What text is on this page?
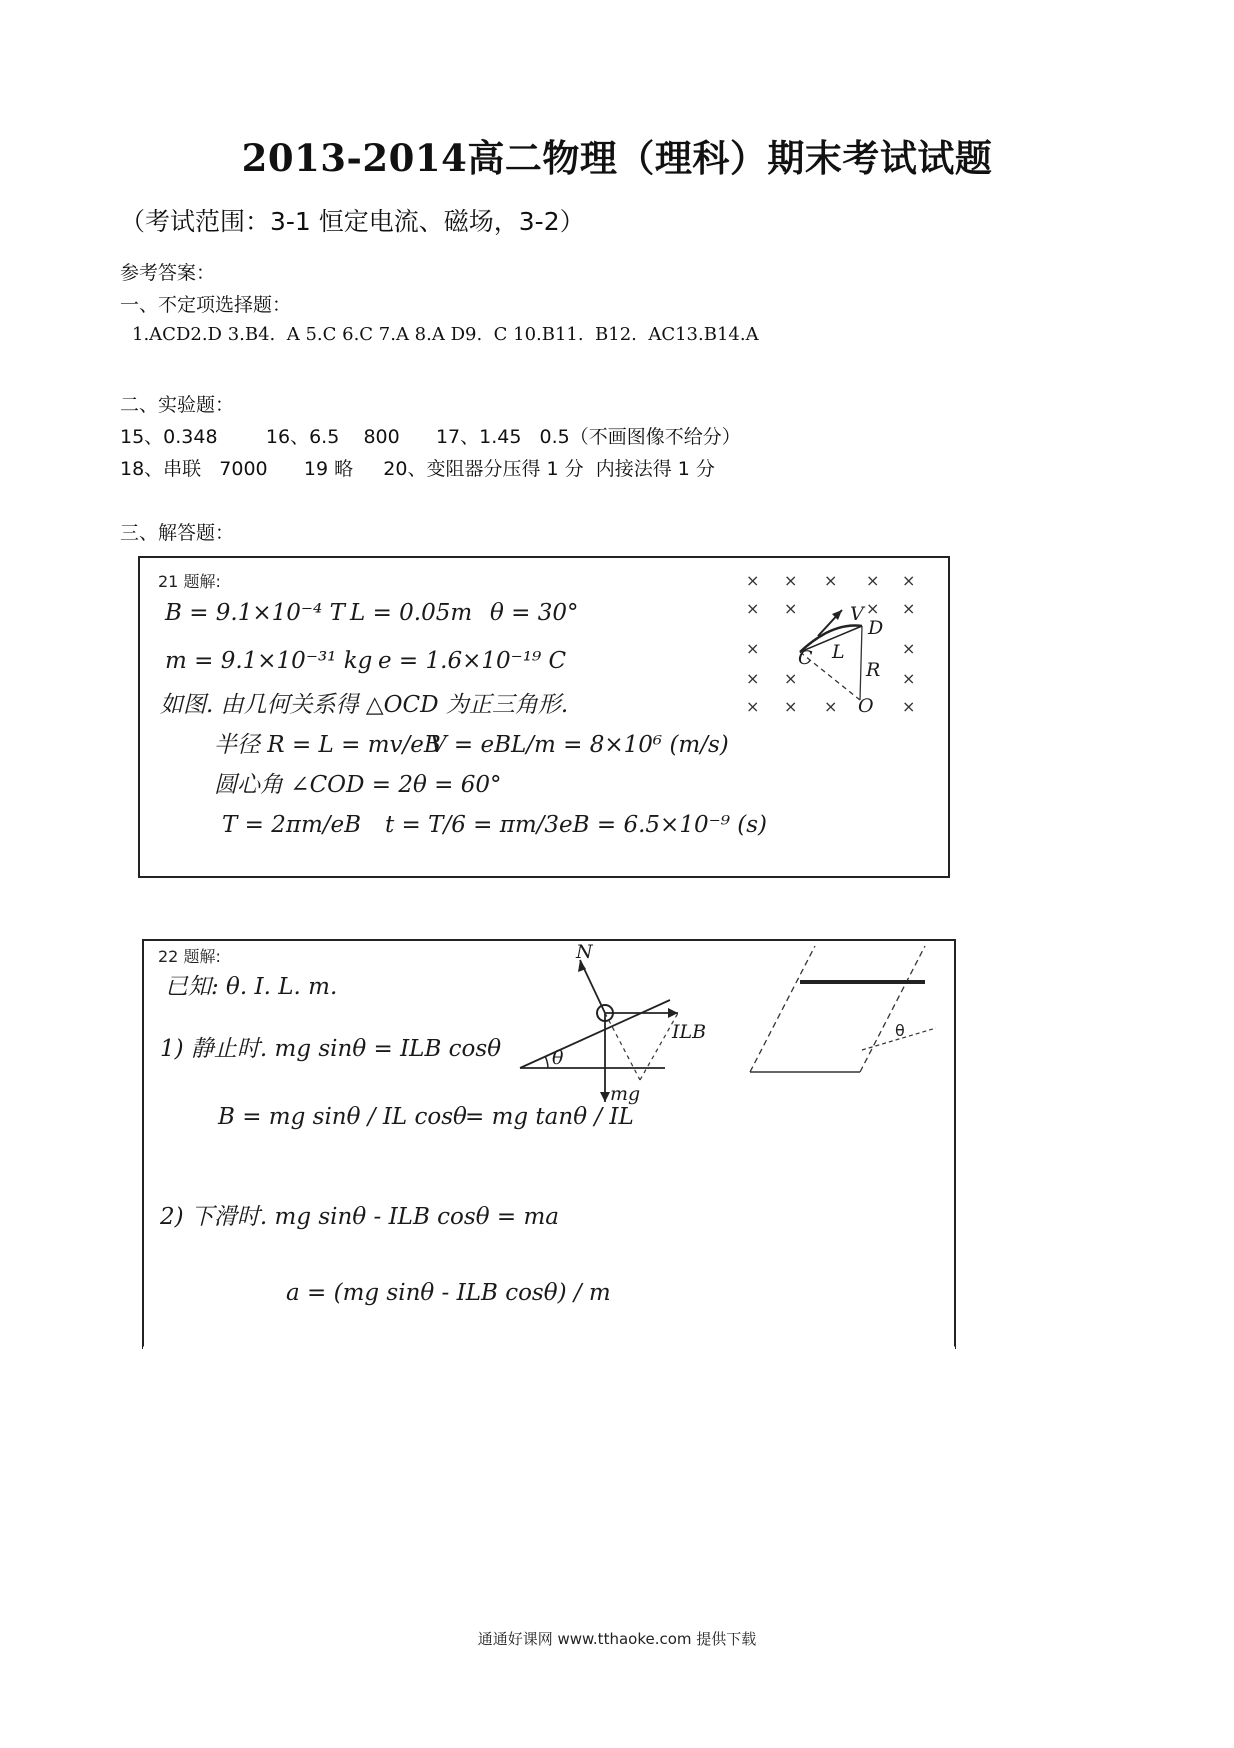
2013-2014高二物理（理科）期末考试试题
（考试范围：3-1 恒定电流、磁场，3-2）
参考答案：
一、不定项选择题：
1.ACD2.D 3.B4.  A 5.C 6.C 7.A 8.A D9.  C 10.B11.  B12.  AC13.B14.A
二、实验题：
15、0.348        16、6.5    800      17、1.45   0.5（不画图像不给分）
18、串联   7000      19 略     20、变阻器分压得 1 分  内接法得 1 分
三、解答题：
21 题解:
B = 9.1×10⁻⁴ T L = 0.05m θ = 30°
m = 9.1×10⁻³¹ kg e = 1.6×10⁻¹⁹ C
如图. 由几何关系得 △OCD 为正三角形.
半径 R = L = mv/eB
V = eBL/m = 8×10⁶ (m/s)
圆心角 ∠COD = 2θ = 60°
T = 2πm/eB t = T/6 = πm/3eB = 6.5×10⁻⁹ (s)
× × × × ×
× ×	× ×
×	×
× ×	×
× × ×	×
V
D
C L
R
O
22 题解:
已知: θ. I. L. m.
1) 静止时. mg sinθ = ILB cosθ
B = mg sinθ / IL cosθ
= mg tanθ / IL
2) 下滑时. mg sinθ - ILB cosθ = ma
a = (mg sinθ - ILB cosθ) / m
θ
N
ILB
mg
θ
通通好课网 www.tthaoke.com 提供下载
